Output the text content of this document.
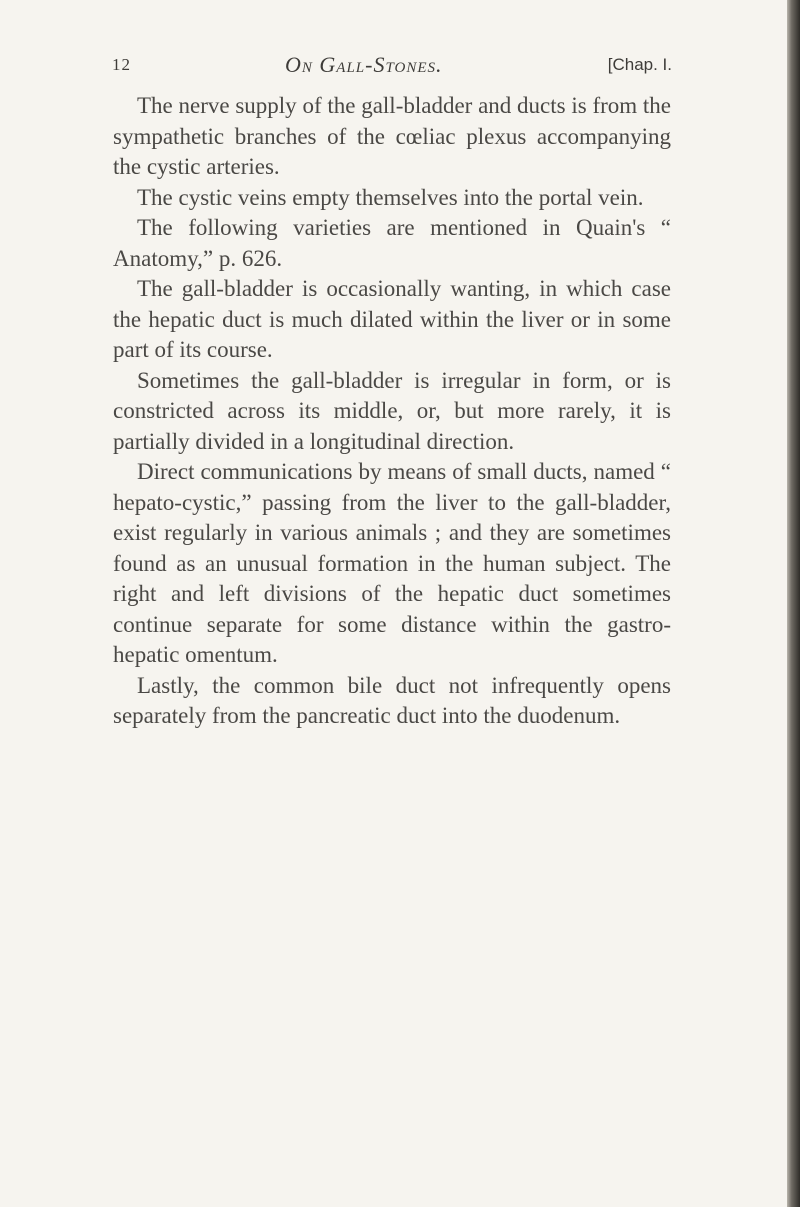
12	On Gall-Stones.	[Chap. I.

The nerve supply of the gall-bladder and ducts is from the sympathetic branches of the cœliac plexus accompanying the cystic arteries.

The cystic veins empty themselves into the portal vein.

The following varieties are mentioned in Quain's “ Anatomy,” p. 626.

The gall-bladder is occasionally wanting, in which case the hepatic duct is much dilated within the liver or in some part of its course.

Sometimes the gall-bladder is irregular in form, or is constricted across its middle, or, but more rarely, it is partially divided in a longitudinal direction.

Direct communications by means of small ducts, named “ hepato-cystic,” passing from the liver to the gall-bladder, exist regularly in various animals ; and they are sometimes found as an unusual formation in the human subject. The right and left divisions of the hepatic duct sometimes continue separate for some distance within the gastro-hepatic omentum.

Lastly, the common bile duct not infrequently opens separately from the pancreatic duct into the duodenum.
